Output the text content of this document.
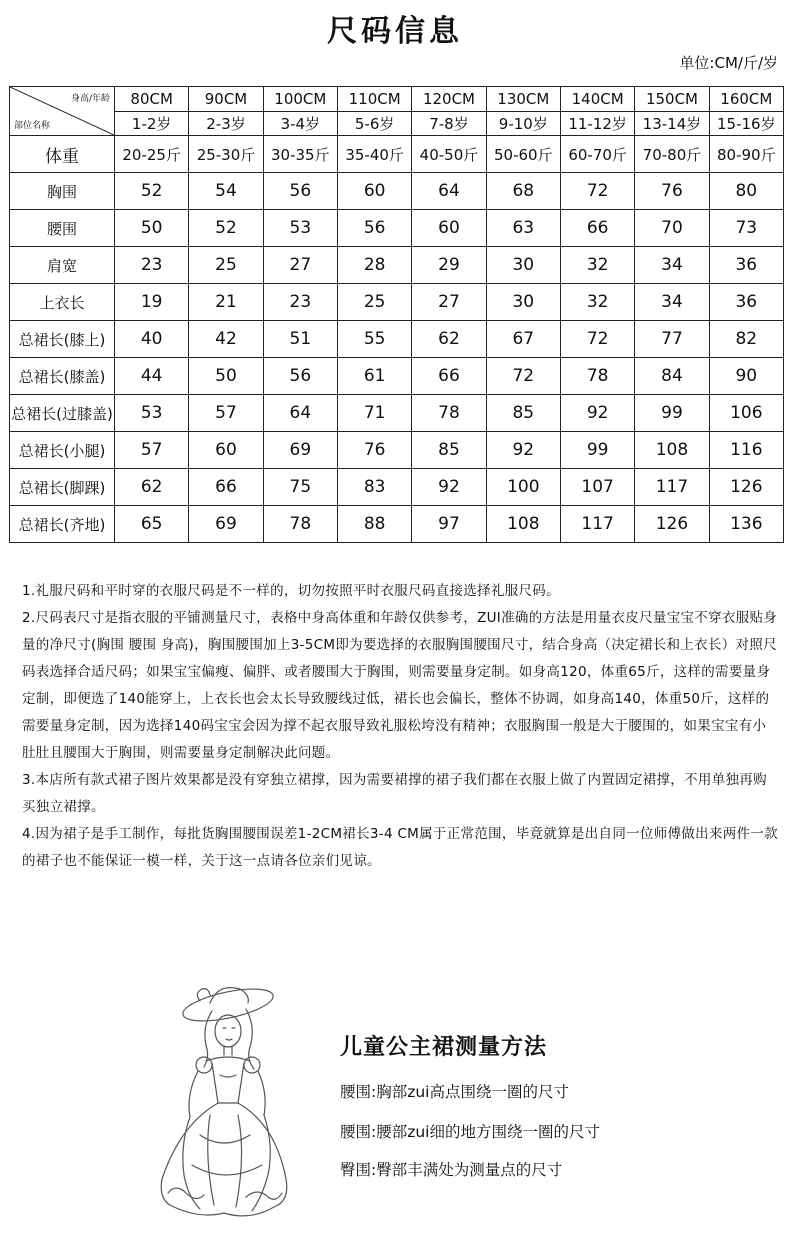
尺码信息
单位:CM/斤/岁
身高/年龄
部位名称	80CM	90CM	100CM	110CM	120CM	130CM	140CM	150CM	160CM
	1-2岁	2-3岁	3-4岁	5-6岁	7-8岁	9-10岁	11-12岁	13-14岁	15-16岁
体重	20-25斤	25-30斤	30-35斤	35-40斤	40-50斤	50-60斤	60-70斤	70-80斤	80-90斤
胸围	52	54	56	60	64	68	72	76	80
腰围	50	52	53	56	60	63	66	70	73
肩宽	23	25	27	28	29	30	32	34	36
上衣长	19	21	23	25	27	30	32	34	36
总裙长(膝上)	40	42	51	55	62	67	72	77	82
总裙长(膝盖)	44	50	56	61	66	72	78	84	90
总裙长(过膝盖)	53	57	64	71	78	85	92	99	106
总裙长(小腿)	57	60	69	76	85	92	99	108	116
总裙长(脚踝)	62	66	75	83	92	100	107	117	126
总裙长(齐地)	65	69	78	88	97	108	117	126	136

1.礼服尺码和平时穿的衣服尺码是不一样的，切勿按照平时衣服尺码直接选择礼服尺码。

2.尺码表尺寸是指衣服的平铺测量尺寸，表格中身高体重和年龄仅供参考，ZUI准确的方法是用量衣皮尺量宝宝不穿衣服贴身量的净尺寸(胸围 腰围 身高)，胸围腰围加上3-5CM即为要选择的衣服胸围腰围尺寸，结合身高（决定裙长和上衣长）对照尺码表选择合适尺码；如果宝宝偏瘦、偏胖、或者腰围大于胸围，则需要量身定制。如身高120，体重65斤，这样的需要量身定制，即便选了140能穿上，上衣长也会太长导致腰线过低，裙长也会偏长，整体不协调，如身高140，体重50斤，这样的需要量身定制，因为选择140码宝宝会因为撑不起衣服导致礼服松垮没有精神；衣服胸围一般是大于腰围的，如果宝宝有小肚肚且腰围大于胸围，则需要量身定制解决此问题。

3.本店所有款式裙子图片效果都是没有穿独立裙撑，因为需要裙撑的裙子我们都在衣服上做了内置固定裙撑，不用单独再购买独立裙撑。

4.因为裙子是手工制作，每批货胸围腰围误差1-2CM裙长3-4 CM属于正常范围，毕竟就算是出自同一位师傅做出来两件一款的裙子也不能保证一模一样，关于这一点请各位亲们见谅。

儿童公主裙测量方法
腰围:胸部zui高点围绕一圈的尺寸
腰围:腰部zui细的地方围绕一圈的尺寸
臀围:臀部丰满处为测量点的尺寸
